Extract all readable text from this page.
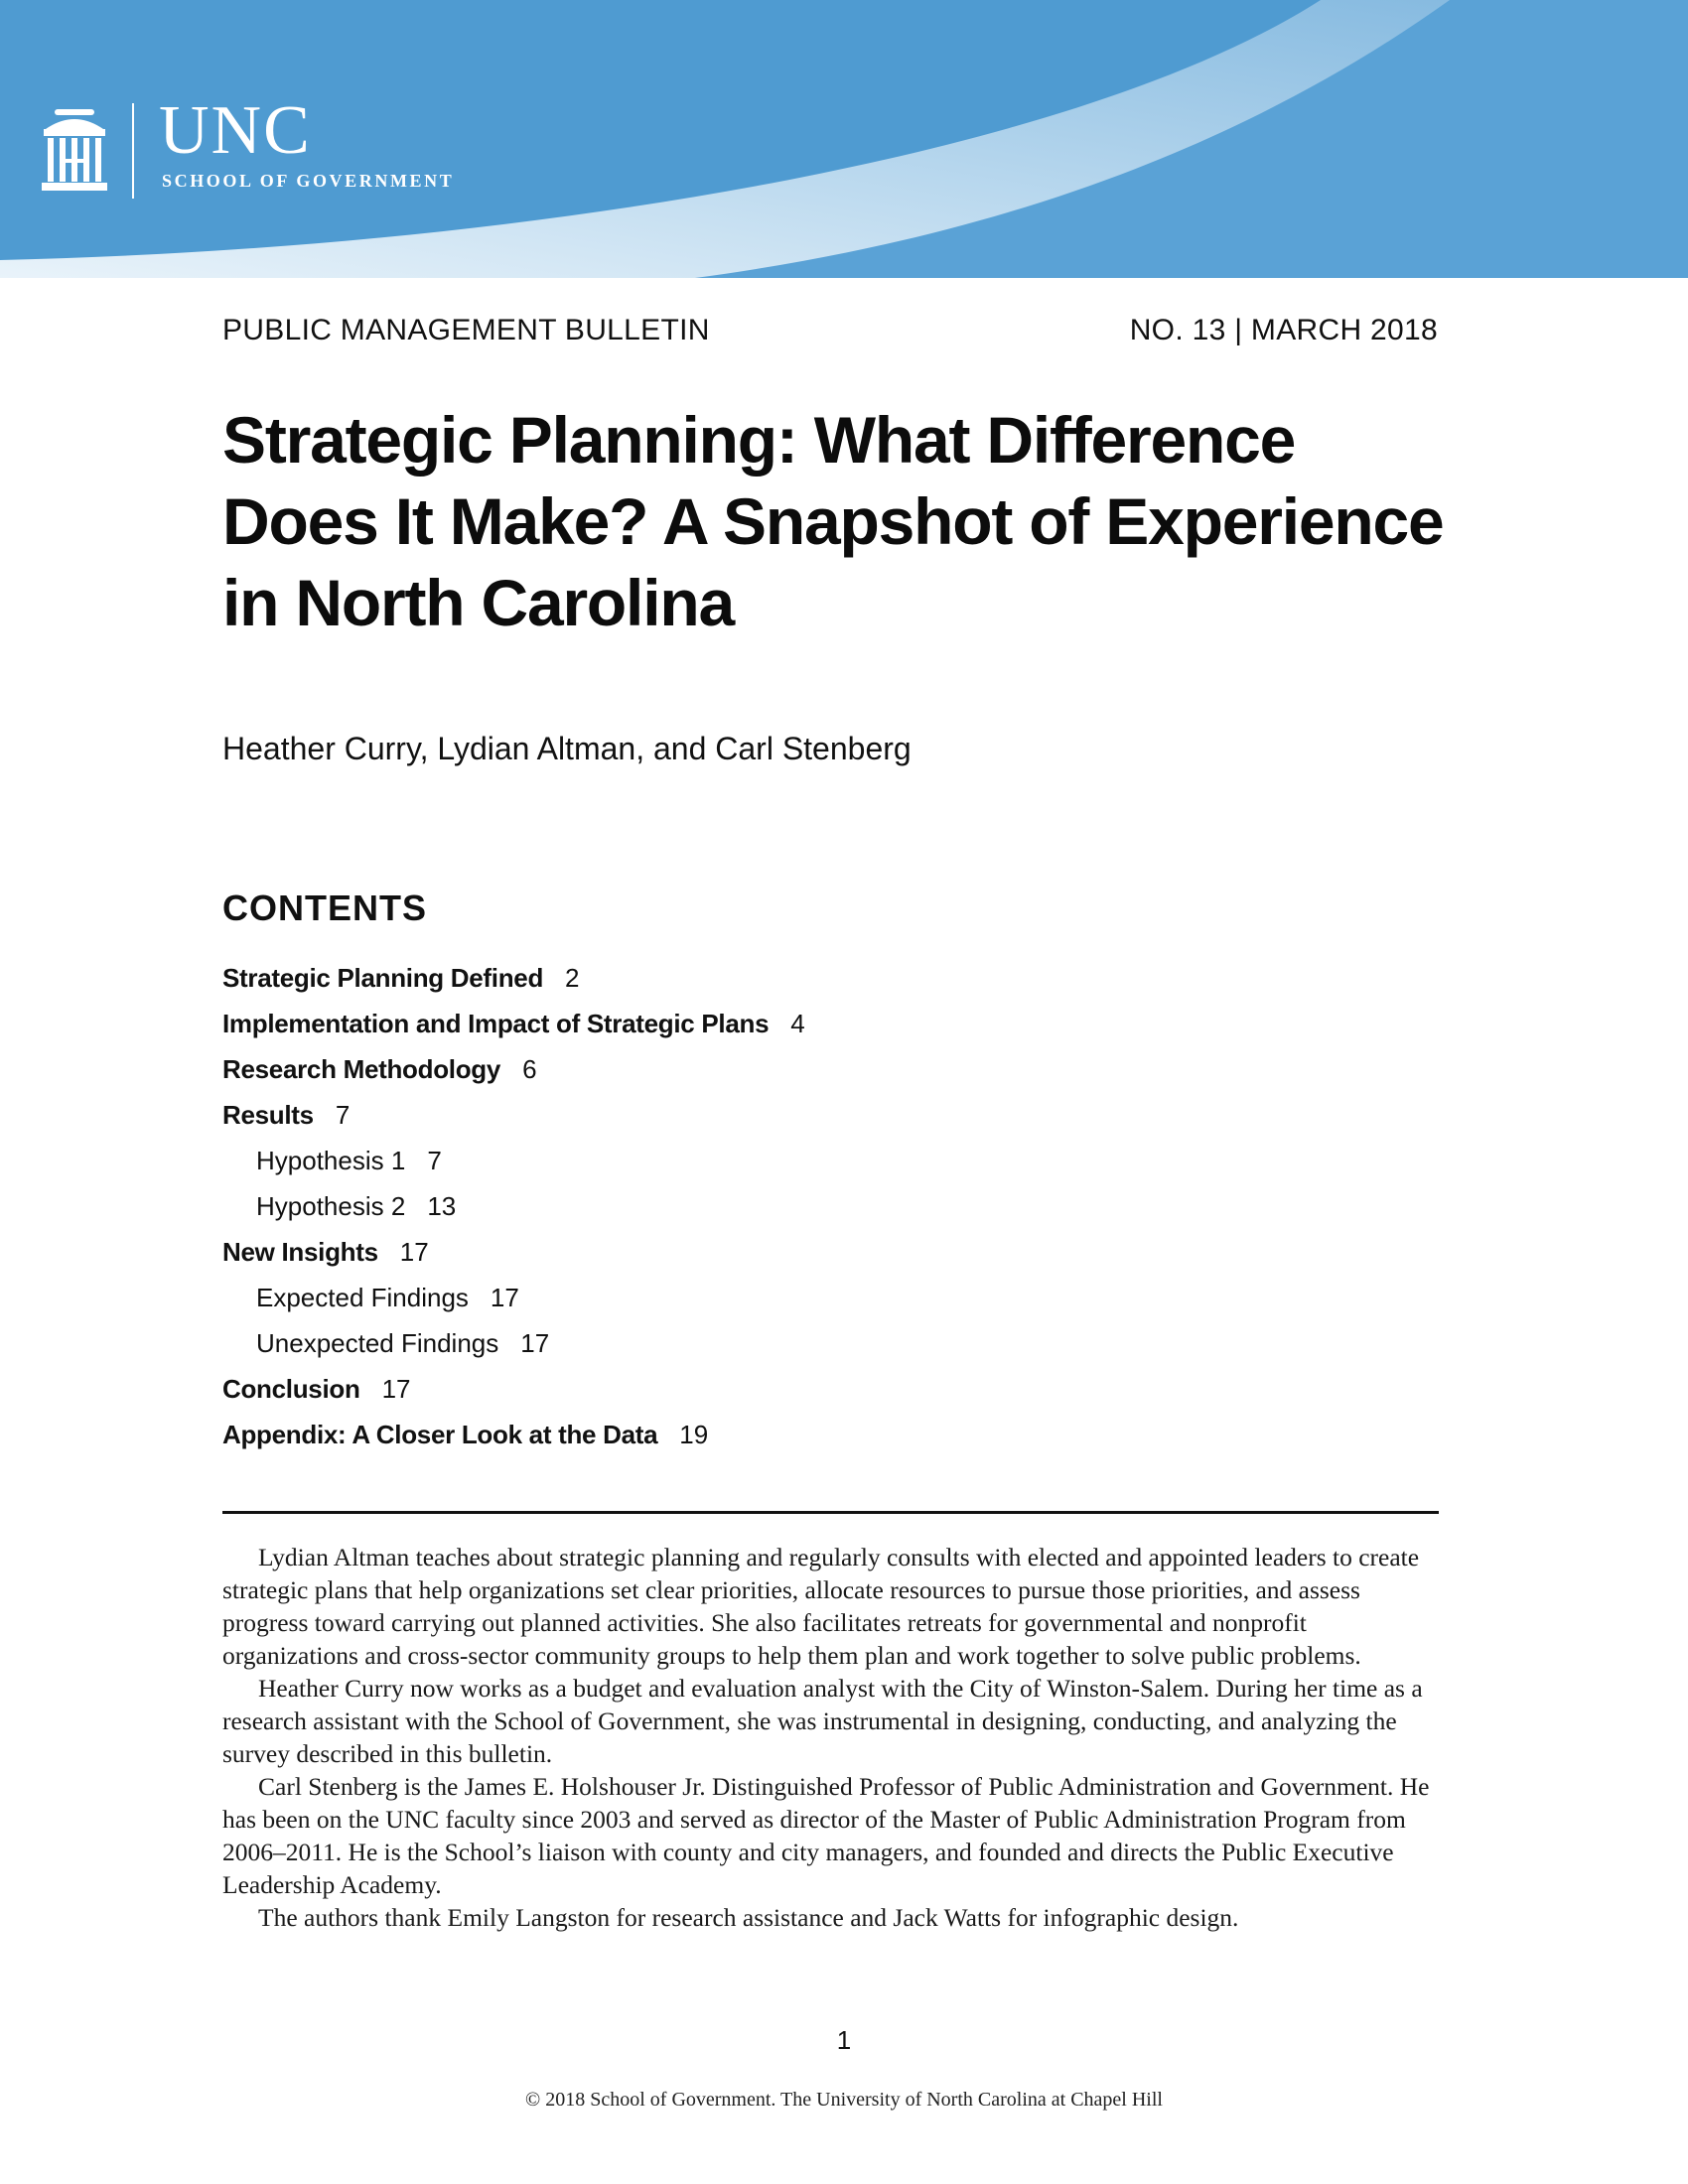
UNC
SCHOOL OF GOVERNMENT
PUBLIC MANAGEMENT BULLETIN	NO. 13 | MARCH 2018
Strategic Planning: What Difference Does It Make? A Snapshot of Experience in North Carolina
Heather Curry, Lydian Altman, and Carl Stenberg
CONTENTS
Strategic Planning Defined 2
Implementation and Impact of Strategic Plans 4
Research Methodology 6
Results 7
Hypothesis 1 7
Hypothesis 2 13
New Insights 17
Expected Findings 17
Unexpected Findings 17
Conclusion 17
Appendix: A Closer Look at the Data 19

Lydian Altman teaches about strategic planning and regularly consults with elected and appointed leaders to create strategic plans that help organizations set clear priorities, allocate resources to pursue those priorities, and assess progress toward carrying out planned activities. She also facilitates retreats for governmental and nonprofit organizations and cross-sector community groups to help them plan and work together to solve public problems.

Heather Curry now works as a budget and evaluation analyst with the City of Winston-Salem. During her time as a research assistant with the School of Government, she was instrumental in designing, conducting, and analyzing the survey described in this bulletin.

Carl Stenberg is the James E. Holshouser Jr. Distinguished Professor of Public Administration and Government. He has been on the UNC faculty since 2003 and served as director of the Master of Public Administration Program from 2006–2011. He is the School’s liaison with county and city managers, and founded and directs the Public Executive Leadership Academy.

The authors thank Emily Langston for research assistance and Jack Watts for infographic design.

1
© 2018 School of Government. The University of North Carolina at Chapel Hill
